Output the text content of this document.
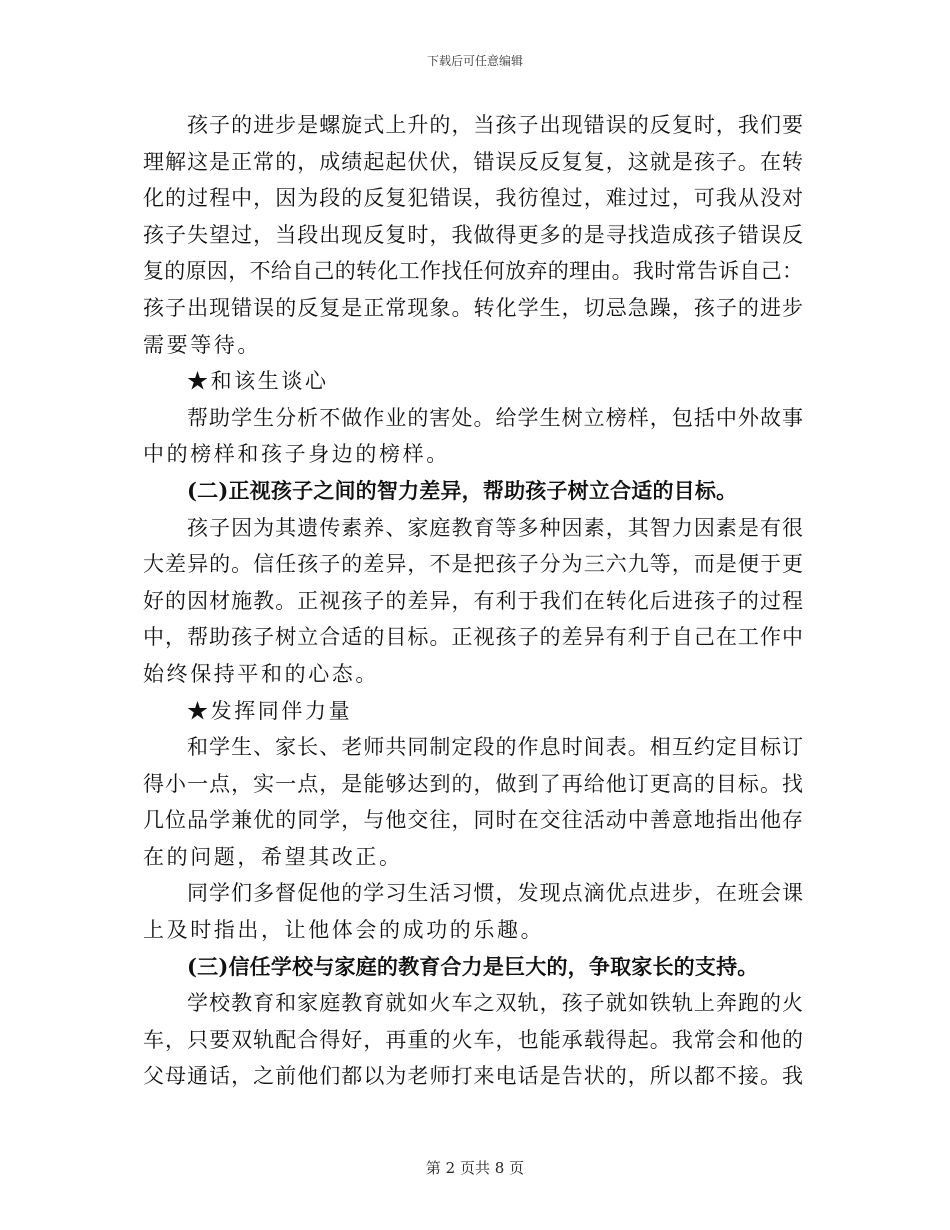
下载后可任意编辑
孩子的进步是螺旋式上升的，当孩子出现错误的反复时，我们要
理解这是正常的，成绩起起伏伏，错误反反复复，这就是孩子。在转
化的过程中，因为段的反复犯错误，我彷徨过，难过过，可我从没对
孩子失望过，当段出现反复时，我做得更多的是寻找造成孩子错误反
复的原因，不给自己的转化工作找任何放弃的理由。我时常告诉自己：
孩子出现错误的反复是正常现象。转化学生，切忌急躁，孩子的进步
需要等待。
★和该生谈心
帮助学生分析不做作业的害处。给学生树立榜样，包括中外故事
中的榜样和孩子身边的榜样。
(二)正视孩子之间的智力差异，帮助孩子树立合适的目标。
孩子因为其遗传素养、家庭教育等多种因素，其智力因素是有很
大差异的。信任孩子的差异，不是把孩子分为三六九等，而是便于更
好的因材施教。正视孩子的差异，有利于我们在转化后进孩子的过程
中，帮助孩子树立合适的目标。正视孩子的差异有利于自己在工作中
始终保持平和的心态。
★发挥同伴力量
和学生、家长、老师共同制定段的作息时间表。相互约定目标订
得小一点，实一点，是能够达到的，做到了再给他订更高的目标。找
几位品学兼优的同学，与他交往，同时在交往活动中善意地指出他存
在的问题，希望其改正。
同学们多督促他的学习生活习惯，发现点滴优点进步，在班会课
上及时指出，让他体会的成功的乐趣。
(三)信任学校与家庭的教育合力是巨大的，争取家长的支持。
学校教育和家庭教育就如火车之双轨，孩子就如铁轨上奔跑的火
车，只要双轨配合得好，再重的火车，也能承载得起。我常会和他的
父母通话，之前他们都以为老师打来电话是告状的，所以都不接。我
第 2 页共 8 页
